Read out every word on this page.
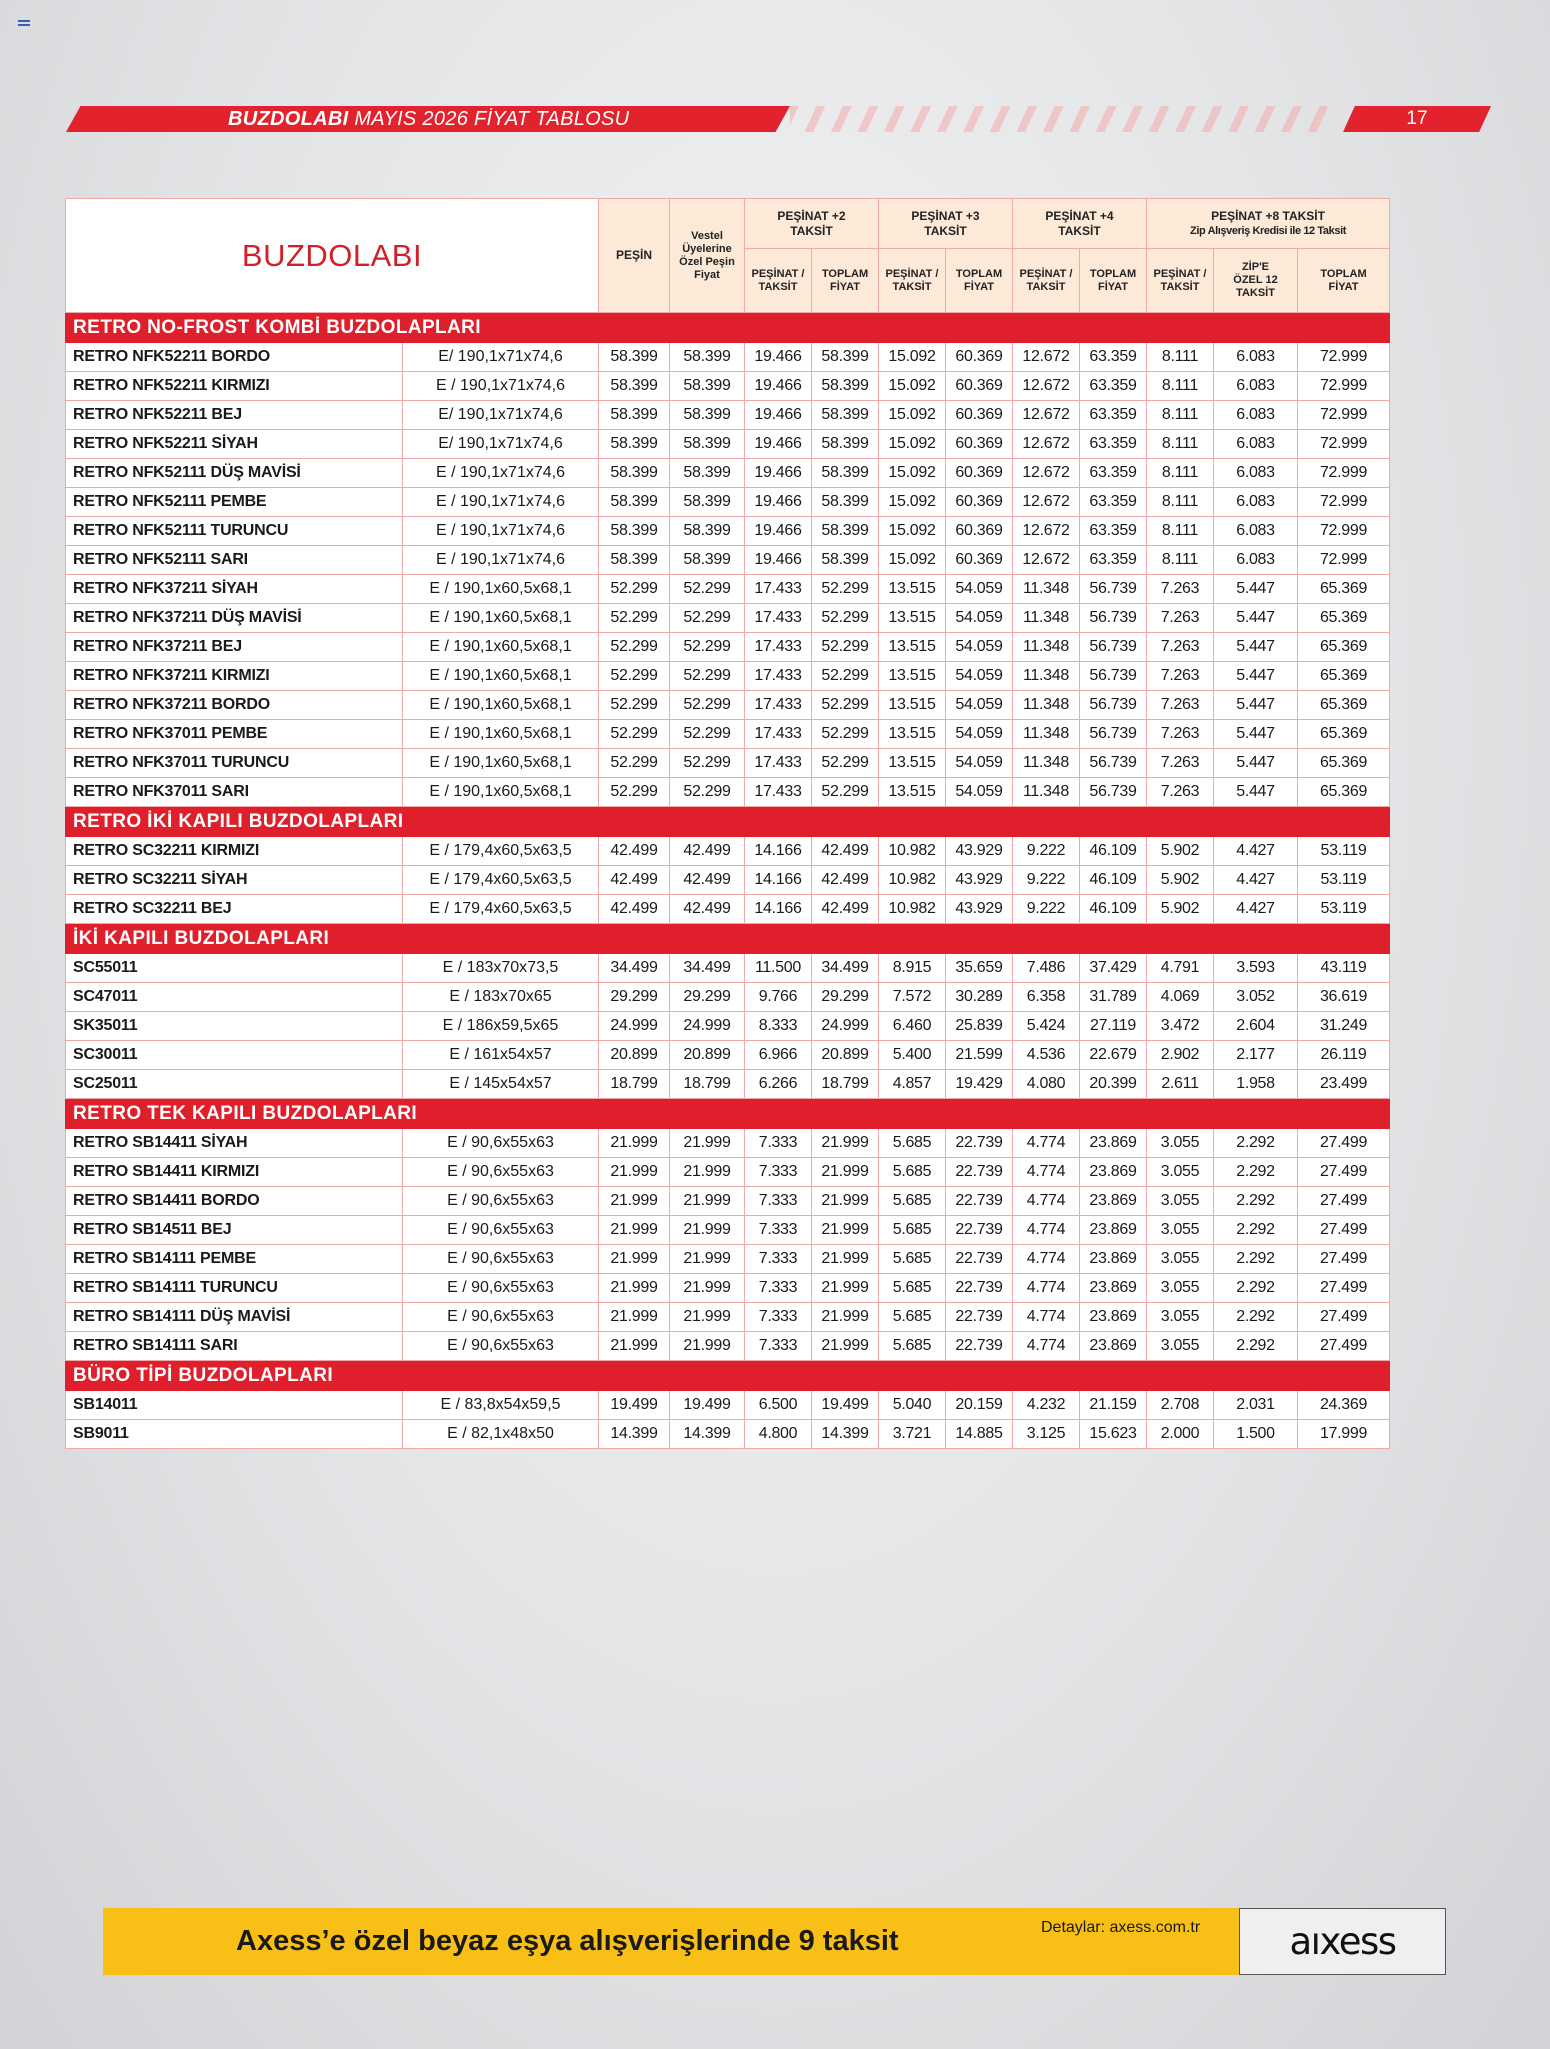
BUZDOLABI MAYIS 2026 FİYAT TABLOSU	17
BUZDOLABI		PEŞİN	Vestel Üyelerine Özel Peşin Fiyat	PEŞİNAT +2 TAKSİT		PEŞİNAT +3 TAKSİT		PEŞİNAT +4 TAKSİT		PEŞİNAT +8 TAKSİT
Zip Alışveriş Kredisi ile 12 Taksit		

				PEŞİNAT / TAKSİT	TOPLAM FİYAT	PEŞİNAT / TAKSİT	TOPLAM FİYAT	PEŞİNAT / TAKSİT	TOPLAM FİYAT	PEŞİNAT / TAKSİT	ZİP'E ÖZEL 12 TAKSİT	TOPLAM FİYAT
RETRO NO-FROST KOMBİ BUZDOLAPLARI												
RETRO NFK52211 BORDO	E/ 190,1x71x74,6	58.399	58.399	19.466	58.399	15.092	60.369	12.672	63.359	8.111	6.083	72.999
RETRO NFK52211 KIRMIZI	E / 190,1x71x74,6	58.399	58.399	19.466	58.399	15.092	60.369	12.672	63.359	8.111	6.083	72.999
RETRO NFK52211 BEJ	E/ 190,1x71x74,6	58.399	58.399	19.466	58.399	15.092	60.369	12.672	63.359	8.111	6.083	72.999
RETRO NFK52211 SİYAH	E/ 190,1x71x74,6	58.399	58.399	19.466	58.399	15.092	60.369	12.672	63.359	8.111	6.083	72.999
RETRO NFK52111 DÜŞ MAVİSİ	E / 190,1x71x74,6	58.399	58.399	19.466	58.399	15.092	60.369	12.672	63.359	8.111	6.083	72.999
RETRO NFK52111 PEMBE	E / 190,1x71x74,6	58.399	58.399	19.466	58.399	15.092	60.369	12.672	63.359	8.111	6.083	72.999
RETRO NFK52111 TURUNCU	E / 190,1x71x74,6	58.399	58.399	19.466	58.399	15.092	60.369	12.672	63.359	8.111	6.083	72.999
RETRO NFK52111 SARI	E / 190,1x71x74,6	58.399	58.399	19.466	58.399	15.092	60.369	12.672	63.359	8.111	6.083	72.999
RETRO NFK37211 SİYAH	E / 190,1x60,5x68,1	52.299	52.299	17.433	52.299	13.515	54.059	11.348	56.739	7.263	5.447	65.369
RETRO NFK37211 DÜŞ MAVİSİ	E / 190,1x60,5x68,1	52.299	52.299	17.433	52.299	13.515	54.059	11.348	56.739	7.263	5.447	65.369
RETRO NFK37211 BEJ	E / 190,1x60,5x68,1	52.299	52.299	17.433	52.299	13.515	54.059	11.348	56.739	7.263	5.447	65.369
RETRO NFK37211 KIRMIZI	E / 190,1x60,5x68,1	52.299	52.299	17.433	52.299	13.515	54.059	11.348	56.739	7.263	5.447	65.369
RETRO NFK37211 BORDO	E / 190,1x60,5x68,1	52.299	52.299	17.433	52.299	13.515	54.059	11.348	56.739	7.263	5.447	65.369
RETRO NFK37011 PEMBE	E / 190,1x60,5x68,1	52.299	52.299	17.433	52.299	13.515	54.059	11.348	56.739	7.263	5.447	65.369
RETRO NFK37011 TURUNCU	E / 190,1x60,5x68,1	52.299	52.299	17.433	52.299	13.515	54.059	11.348	56.739	7.263	5.447	65.369
RETRO NFK37011 SARI	E / 190,1x60,5x68,1	52.299	52.299	17.433	52.299	13.515	54.059	11.348	56.739	7.263	5.447	65.369
RETRO İKİ KAPILI BUZDOLAPLARI												
RETRO SC32211 KIRMIZI	E / 179,4x60,5x63,5	42.499	42.499	14.166	42.499	10.982	43.929	9.222	46.109	5.902	4.427	53.119
RETRO SC32211 SİYAH	E / 179,4x60,5x63,5	42.499	42.499	14.166	42.499	10.982	43.929	9.222	46.109	5.902	4.427	53.119
RETRO SC32211 BEJ	E / 179,4x60,5x63,5	42.499	42.499	14.166	42.499	10.982	43.929	9.222	46.109	5.902	4.427	53.119
İKİ KAPILI BUZDOLAPLARI												
SC55011	E / 183x70x73,5	34.499	34.499	11.500	34.499	8.915	35.659	7.486	37.429	4.791	3.593	43.119
SC47011	E / 183x70x65	29.299	29.299	9.766	29.299	7.572	30.289	6.358	31.789	4.069	3.052	36.619
SK35011	E / 186x59,5x65	24.999	24.999	8.333	24.999	6.460	25.839	5.424	27.119	3.472	2.604	31.249
SC30011	E / 161x54x57	20.899	20.899	6.966	20.899	5.400	21.599	4.536	22.679	2.902	2.177	26.119
SC25011	E / 145x54x57	18.799	18.799	6.266	18.799	4.857	19.429	4.080	20.399	2.611	1.958	23.499
RETRO TEK KAPILI BUZDOLAPLARI												
RETRO SB14411 SİYAH	E / 90,6x55x63	21.999	21.999	7.333	21.999	5.685	22.739	4.774	23.869	3.055	2.292	27.499
RETRO SB14411 KIRMIZI	E / 90,6x55x63	21.999	21.999	7.333	21.999	5.685	22.739	4.774	23.869	3.055	2.292	27.499
RETRO SB14411 BORDO	E / 90,6x55x63	21.999	21.999	7.333	21.999	5.685	22.739	4.774	23.869	3.055	2.292	27.499
RETRO SB14511 BEJ	E / 90,6x55x63	21.999	21.999	7.333	21.999	5.685	22.739	4.774	23.869	3.055	2.292	27.499
RETRO SB14111 PEMBE	E / 90,6x55x63	21.999	21.999	7.333	21.999	5.685	22.739	4.774	23.869	3.055	2.292	27.499
RETRO SB14111 TURUNCU	E / 90,6x55x63	21.999	21.999	7.333	21.999	5.685	22.739	4.774	23.869	3.055	2.292	27.499
RETRO SB14111 DÜŞ MAVİSİ	E / 90,6x55x63	21.999	21.999	7.333	21.999	5.685	22.739	4.774	23.869	3.055	2.292	27.499
RETRO SB14111 SARI	E / 90,6x55x63	21.999	21.999	7.333	21.999	5.685	22.739	4.774	23.869	3.055	2.292	27.499
BÜRO TİPİ BUZDOLAPLARI												
SB14011	E / 83,8x54x59,5	19.499	19.499	6.500	19.499	5.040	20.159	4.232	21.159	2.708	2.031	24.369
SB9011	E / 82,1x48x50	14.399	14.399	4.800	14.399	3.721	14.885	3.125	15.623	2.000	1.500	17.999
Axess’e özel beyaz eşya alışverişlerinde 9 taksit	Detaylar: axess.com.tr	aıxess
